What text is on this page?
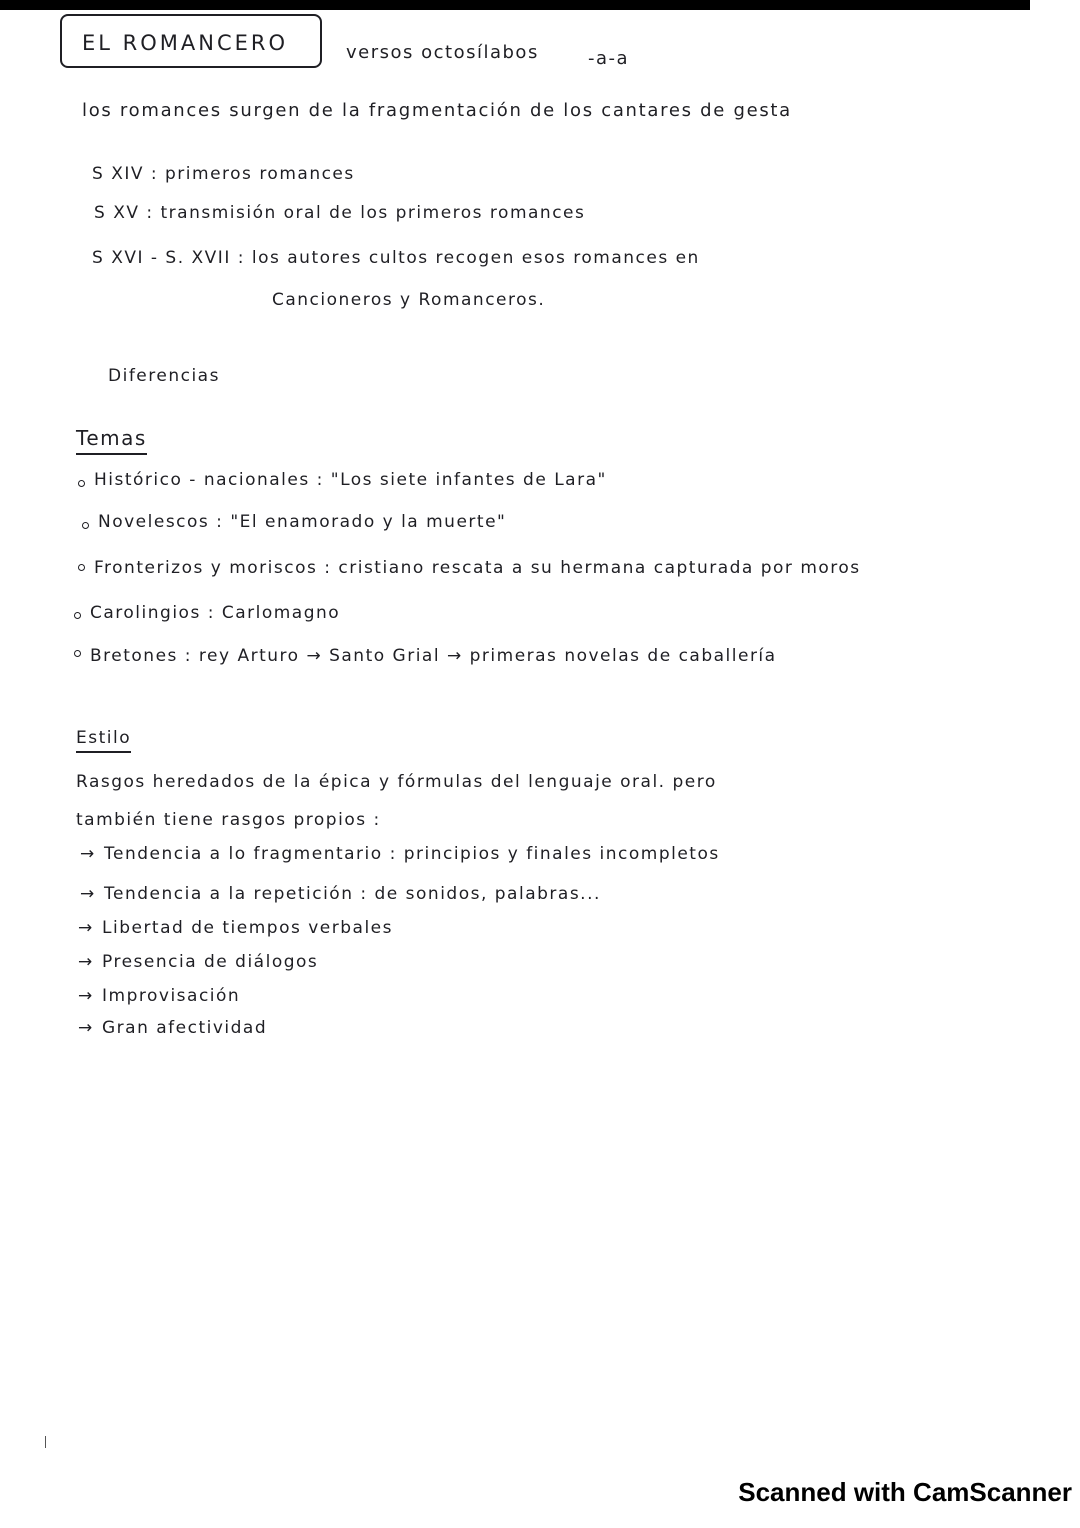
EL ROMANCERO	versos octosílabos	-a-a
los romances surgen de la fragmentación de los cantares de gesta
S XIV : primeros romances
S XV : transmisión oral de los primeros romances
S XVI - S. XVII : los autores cultos recogen esos romances en
Cancioneros y Romanceros.
Diferencias
Temas
Histórico - nacionales : "Los siete infantes de Lara"
Novelescos : "El enamorado y la muerte"
Fronterizos y moriscos : cristiano rescata a su hermana capturada por moros
Carolingios : Carlomagno
Bretones : rey Arturo → Santo Grial → primeras novelas de caballería
Estilo
Rasgos heredados de la épica y fórmulas del lenguaje oral. pero
también tiene rasgos propios :
→ Tendencia a lo fragmentario : principios y finales incompletos
→ Tendencia a la repetición : de sonidos, palabras...
→ Libertad de tiempos verbales
→ Presencia de diálogos
→ Improvisación
→ Gran afectividad
Scanned with CamScanner
